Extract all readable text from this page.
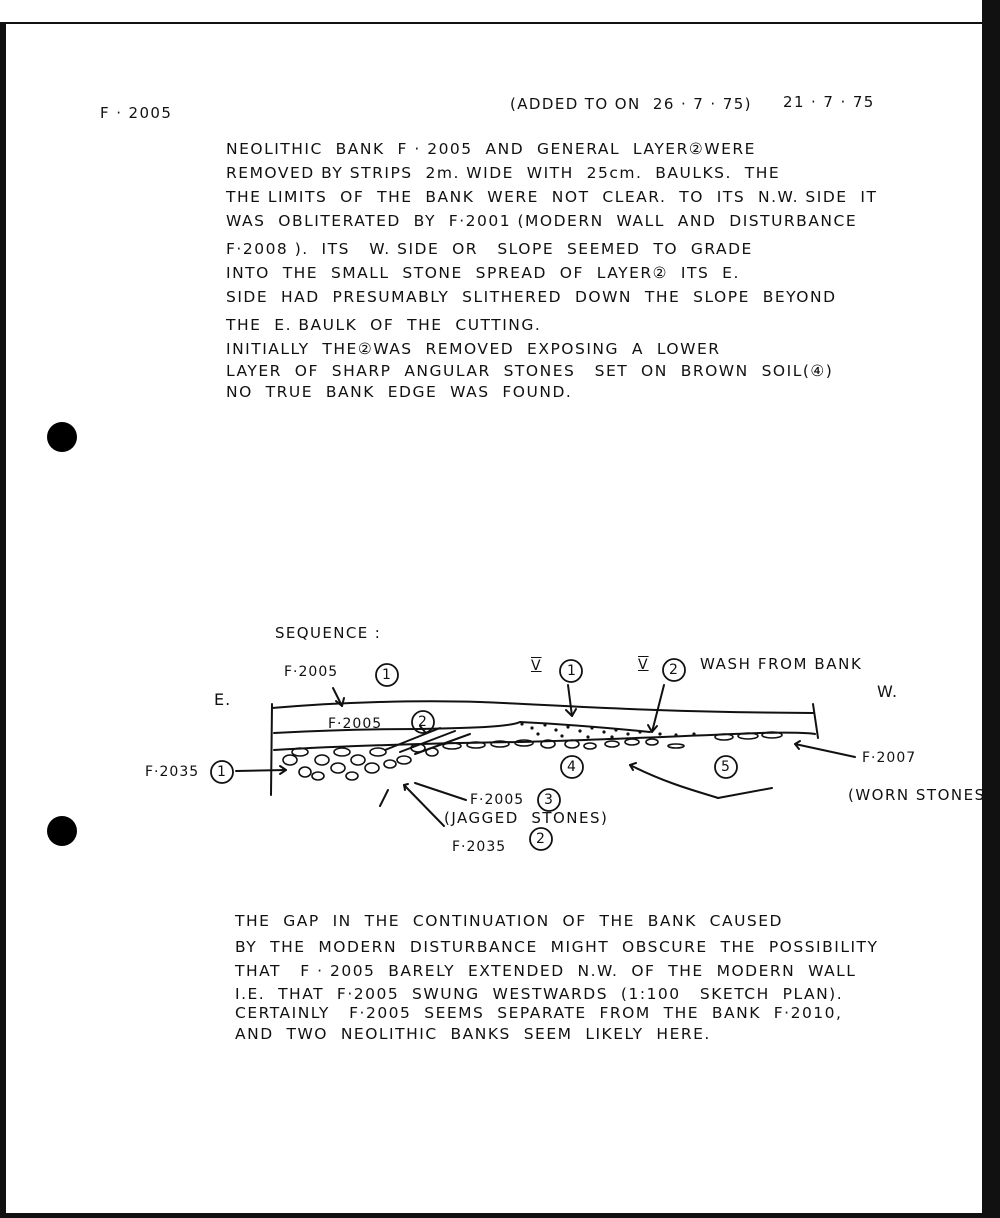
F · 2005	(ADDED TO ON  26 · 7 · 75) 21 · 7 · 75
NEOLITHIC  BANK  F · 2005  AND  GENERAL  LAYER②WERE
REMOVED BY STRIPS  2m. WIDE  WITH  25cm.  BAULKS.  THE
THE LIMITS  OF  THE  BANK  WERE  NOT  CLEAR.  TO  ITS  N.W. SIDE  IT
WAS  OBLITERATED  BY  F·2001 (MODERN  WALL  AND  DISTURBANCE
F·2008 ).  ITS   W. SIDE  OR   SLOPE  SEEMED  TO  GRADE
INTO  THE  SMALL  STONE  SPREAD  OF  LAYER②  ITS  E.
SIDE  HAD  PRESUMABLY  SLITHERED  DOWN  THE  SLOPE  BEYOND
THE  E. BAULK  OF  THE  CUTTING.
INITIALLY  THE②WAS  REMOVED  EXPOSING  A  LOWER
LAYER  OF  SHARP  ANGULAR  STONES   SET  ON  BROWN  SOIL(④)
NO  TRUE  BANK  EDGE  WAS  FOUND.
SEQUENCE :
E.	W.
F·2005	1
F·2005	2
V 1	V 2 WASH FROM BANK
F·2035 1	4	5
F·2007
(WORN STONES)
F·2005 3
(JAGGED  STONES)
F·2035 2
THE  GAP  IN  THE  CONTINUATION  OF  THE  BANK  CAUSED
BY  THE  MODERN  DISTURBANCE  MIGHT  OBSCURE  THE  POSSIBILITY
THAT   F · 2005  BARELY  EXTENDED  N.W.  OF  THE  MODERN  WALL
I.E.  THAT  F·2005  SWUNG  WESTWARDS  (1:100   SKETCH  PLAN).
CERTAINLY   F·2005  SEEMS  SEPARATE  FROM  THE  BANK  F·2010,
AND  TWO  NEOLITHIC  BANKS  SEEM  LIKELY  HERE.
